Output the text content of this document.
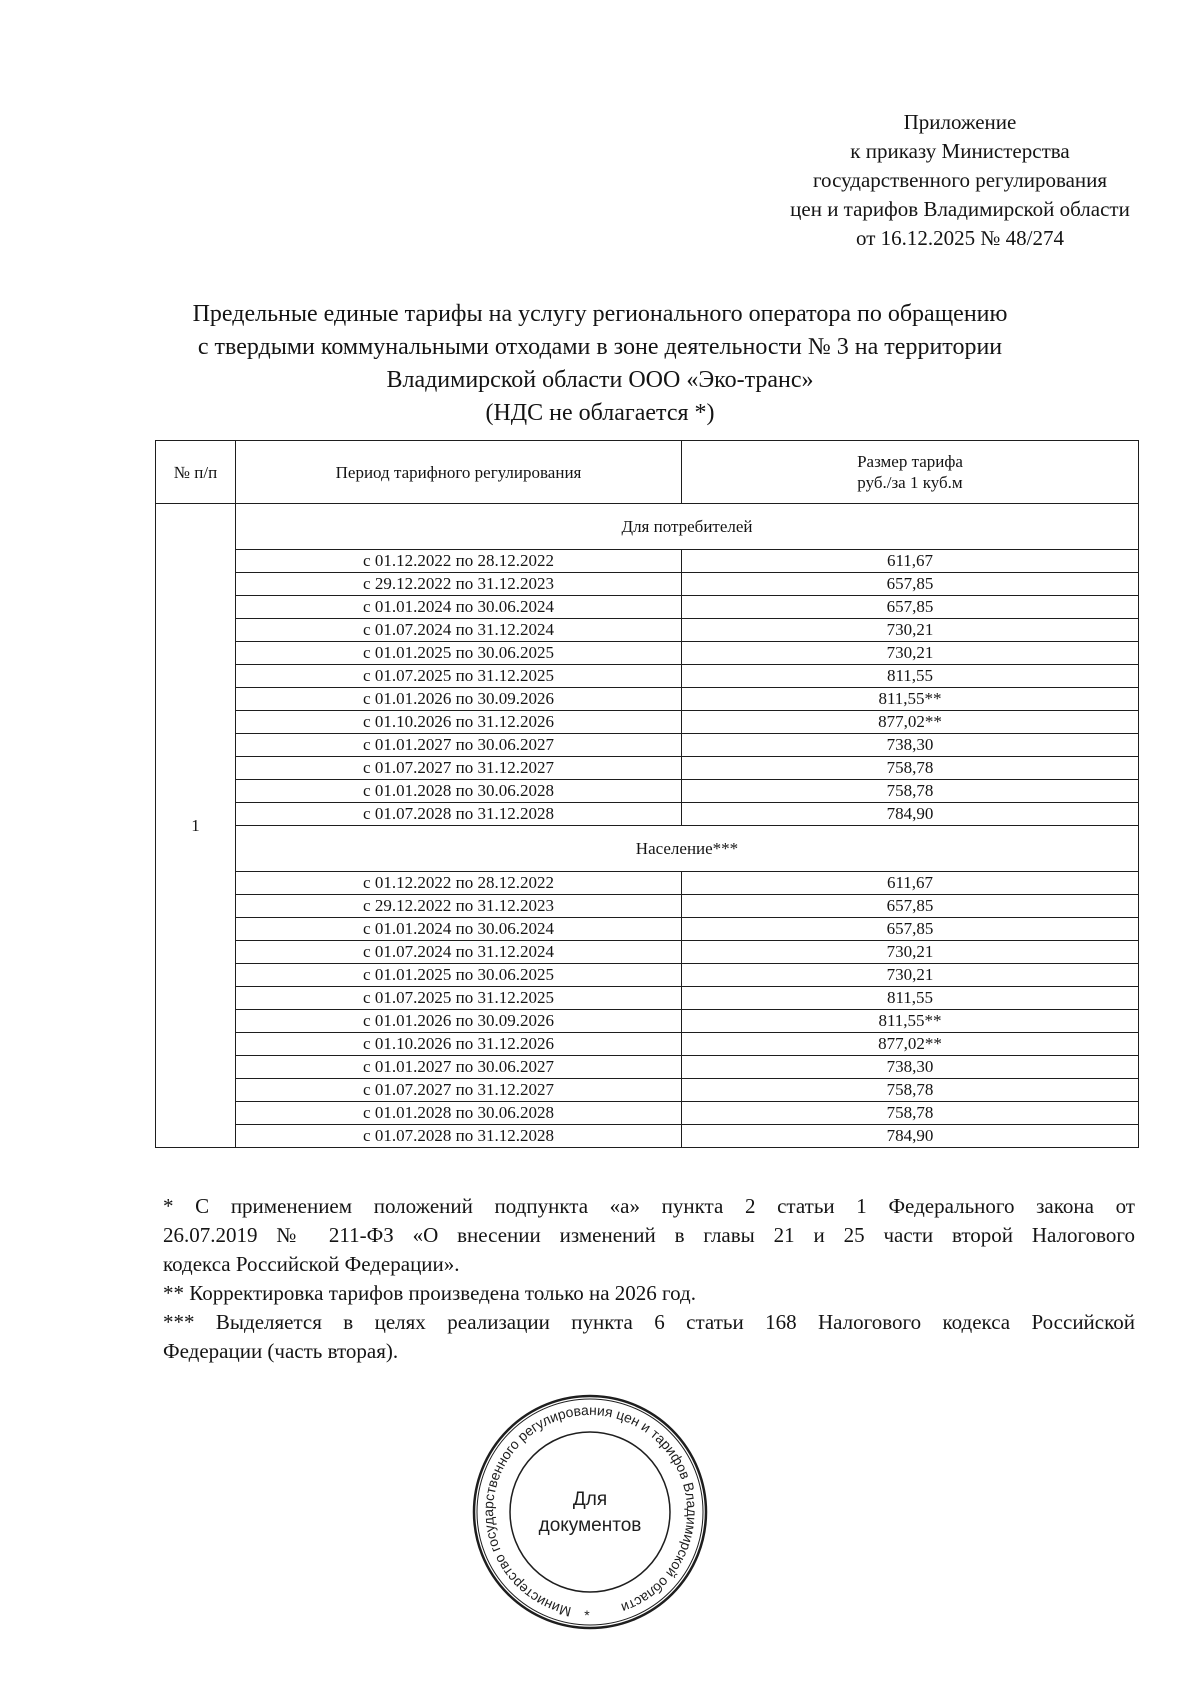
Приложение
к приказу Министерства
государственного регулирования
цен и тарифов Владимирской области
от 16.12.2025 № 48/274
Предельные единые тарифы на услугу регионального оператора по обращению
с твердыми коммунальными отходами в зоне деятельности № 3 на территории
Владимирской области ООО «Эко-транс»
(НДС не облагается *)
№ п/п	Период тарифного регулирования	Размер тарифа
руб./за 1 куб.м

1	Для потребителей	
	с 01.12.2022 по 28.12.2022	611,67
	с 29.12.2022 по 31.12.2023	657,85
	с 01.01.2024 по 30.06.2024	657,85
	с 01.07.2024 по 31.12.2024	730,21
	с 01.01.2025 по 30.06.2025	730,21
	с 01.07.2025 по 31.12.2025	811,55
	с 01.01.2026 по 30.09.2026	811,55**
	с 01.10.2026 по 31.12.2026	877,02**
	с 01.01.2027 по 30.06.2027	738,30
	с 01.07.2027 по 31.12.2027	758,78
	с 01.01.2028 по 30.06.2028	758,78
	с 01.07.2028 по 31.12.2028	784,90
	Население***	
	с 01.12.2022 по 28.12.2022	611,67
	с 29.12.2022 по 31.12.2023	657,85
	с 01.01.2024 по 30.06.2024	657,85
	с 01.07.2024 по 31.12.2024	730,21
	с 01.01.2025 по 30.06.2025	730,21
	с 01.07.2025 по 31.12.2025	811,55
	с 01.01.2026 по 30.09.2026	811,55**
	с 01.10.2026 по 31.12.2026	877,02**
	с 01.01.2027 по 30.06.2027	738,30
	с 01.07.2027 по 31.12.2027	758,78
	с 01.01.2028 по 30.06.2028	758,78
	с 01.07.2028 по 31.12.2028	784,90
* С применением положений подпункта «а» пункта 2 статьи 1 Федерального закона от
26.07.2019 № 211-ФЗ «О внесении изменений в главы 21 и 25 части второй Налогового
кодекса Российской Федерации».
** Корректировка тарифов произведена только на 2026 год.
*** Выделяется в целях реализации пункта 6 статьи 168 Налогового кодекса Российской
Федерации (часть вторая).
Министерство государственного регулирования цен и тарифов Владимирской области
*
Для
документов
